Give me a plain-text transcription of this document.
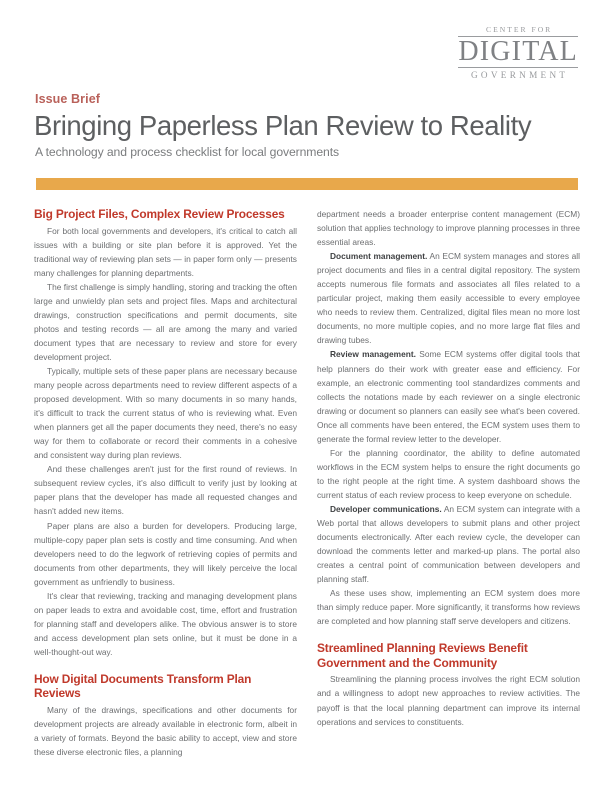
CENTER FOR
DIGITAL
GOVERNMENT
Issue Brief
Bringing Paperless Plan Review to Reality
A technology and process checklist for local governments
Big Project Files, Complex Review Processes

For both local governments and developers, it's critical to catch all issues with a building or site plan before it is approved. Yet the traditional way of reviewing plan sets — in paper form only — presents many challenges for planning departments.

The first challenge is simply handling, storing and tracking the often large and unwieldy plan sets and project files. Maps and architectural drawings, construction specifications and permit documents, site photos and testing records — all are among the many and varied document types that are necessary to review and store for every development project.

Typically, multiple sets of these paper plans are necessary because many people across departments need to review different aspects of a proposed development. With so many documents in so many hands, it's difficult to track the current status of who is reviewing what. Even when planners get all the paper documents they need, there's no easy way for them to collaborate or record their comments in a cohesive and consistent way during plan reviews.

And these challenges aren't just for the first round of reviews. In subsequent review cycles, it's also difficult to verify just by looking at paper plans that the developer has made all requested changes and hasn't added new items.

Paper plans are also a burden for developers. Producing large, multiple-copy paper plan sets is costly and time consuming. And when developers need to do the legwork of retrieving copies of permits and documents from other departments, they will likely perceive the local government as unfriendly to business.

It's clear that reviewing, tracking and managing development plans on paper leads to extra and avoidable cost, time, effort and frustration for planning staff and developers alike. The obvious answer is to store and access development plan sets online, but it must be done in a well-thought-out way.

How Digital Documents Transform Plan Reviews

Many of the drawings, specifications and other documents for development projects are already available in electronic form, albeit in a variety of formats. Beyond the basic ability to accept, view and store these diverse electronic files, a planning

department needs a broader enterprise content management (ECM) solution that applies technology to improve planning processes in three essential areas.

Document management. An ECM system manages and stores all project documents and files in a central digital repository. The system accepts numerous file formats and associates all files related to a particular project, making them easily accessible to every employee who needs to review them. Centralized, digital files mean no more lost documents, no more multiple copies, and no more large flat files and drawing tubes.

Review management. Some ECM systems offer digital tools that help planners do their work with greater ease and efficiency. For example, an electronic commenting tool standardizes comments and collects the notations made by each reviewer on a single electronic drawing or document so planners can easily see what's been covered. Once all comments have been entered, the ECM system uses them to generate the formal review letter to the developer.

For the planning coordinator, the ability to define automated workflows in the ECM system helps to ensure the right documents go to the right people at the right time. A system dashboard shows the current status of each review process to keep everyone on schedule.

Developer communications. An ECM system can integrate with a Web portal that allows developers to submit plans and other project documents electronically. After each review cycle, the developer can download the comments letter and marked-up plans. The portal also creates a central point of communication between developers and planning staff.

As these uses show, implementing an ECM system does more than simply reduce paper. More significantly, it transforms how reviews are completed and how planning staff serve developers and citizens.

Streamlined Planning Reviews Benefit Government and the Community

Streamlining the planning process involves the right ECM solution and a willingness to adopt new approaches to review activities. The payoff is that the local planning department can improve its internal operations and services to constituents.
